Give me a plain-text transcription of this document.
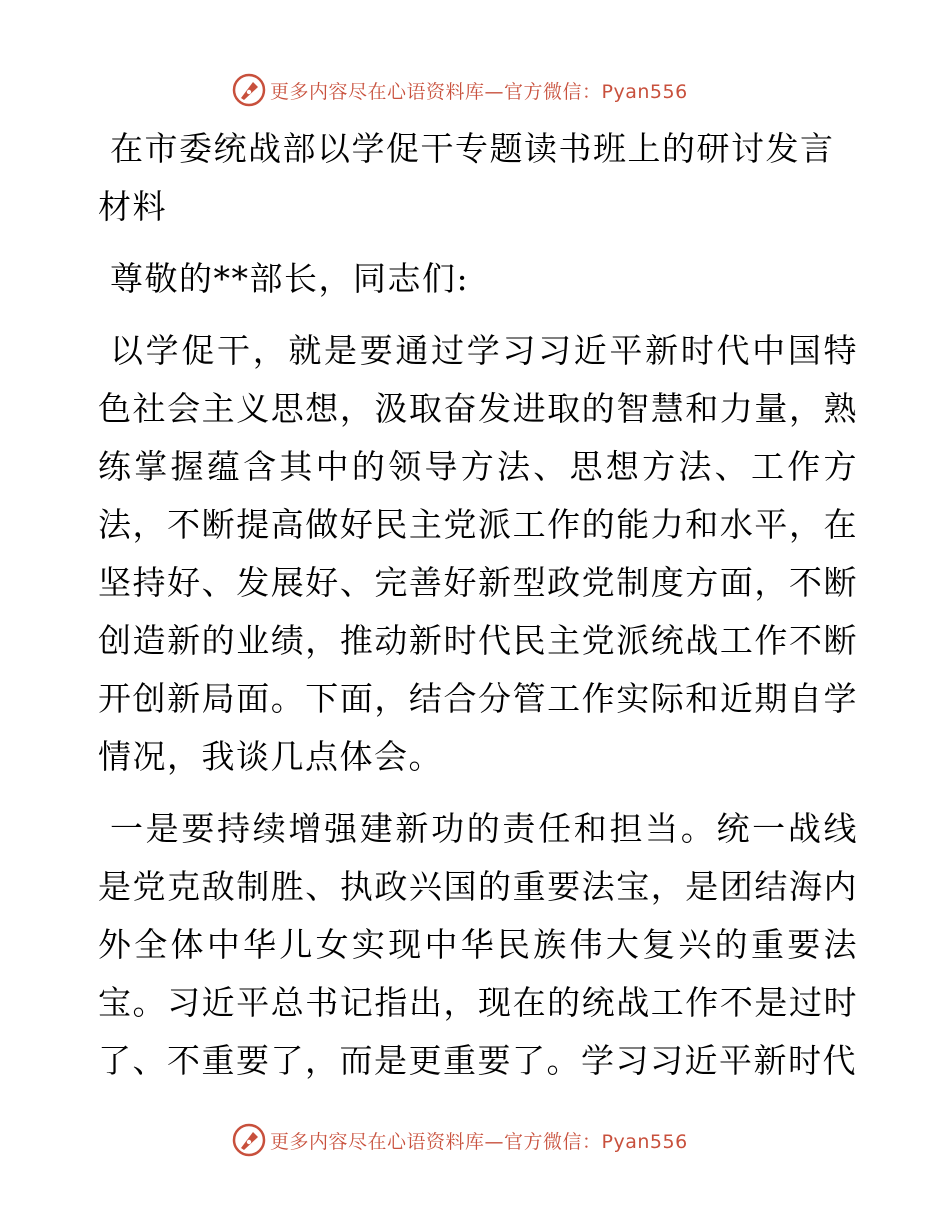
更多内容尽在心语资料库—官方微信：Pyan556

在市委统战部以学促干专题读书班上的研讨发言材料

尊敬的**部长，同志们:

以学促干，就是要通过学习习近平新时代中国特色社会主义思想，汲取奋发进取的智慧和力量，熟练掌握蕴含其中的领导方法、思想方法、工作方法，不断提高做好民主党派工作的能力和水平，在坚持好、发展好、完善好新型政党制度方面，不断创造新的业绩，推动新时代民主党派统战工作不断开创新局面。下面，结合分管工作实际和近期自学情况，我谈几点体会。

一是要持续增强建新功的责任和担当。统一战线是党克敌制胜、执政兴国的重要法宝，是团结海内外全体中华儿女实现中华民族伟大复兴的重要法宝。习近平总书记指出，现在的统战工作不是过时了、不重要了，而是更重要了。学习习近平新时代

更多内容尽在心语资料库—官方微信：Pyan556
